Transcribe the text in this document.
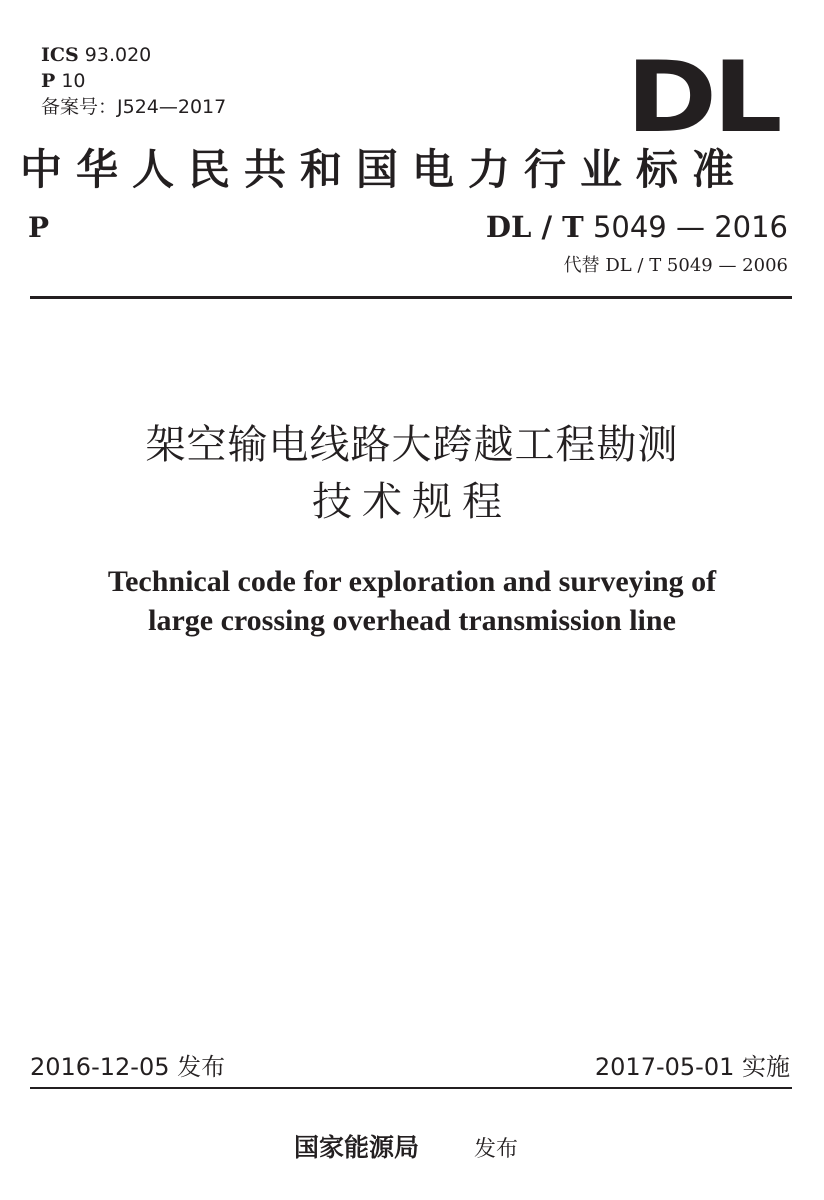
ICS 93.020
P 10
备案号：J524—2017	DL
中华人民共和国电力行业标准
P	DL / T 5049 — 2016
代替 DL / T 5049 — 2006
架空输电线路大跨越工程勘测
技术规程
Technical code for exploration and surveying of
large crossing overhead transmission line
2016-12-05 发布	2017-05-01 实施
国家能源局 发布
